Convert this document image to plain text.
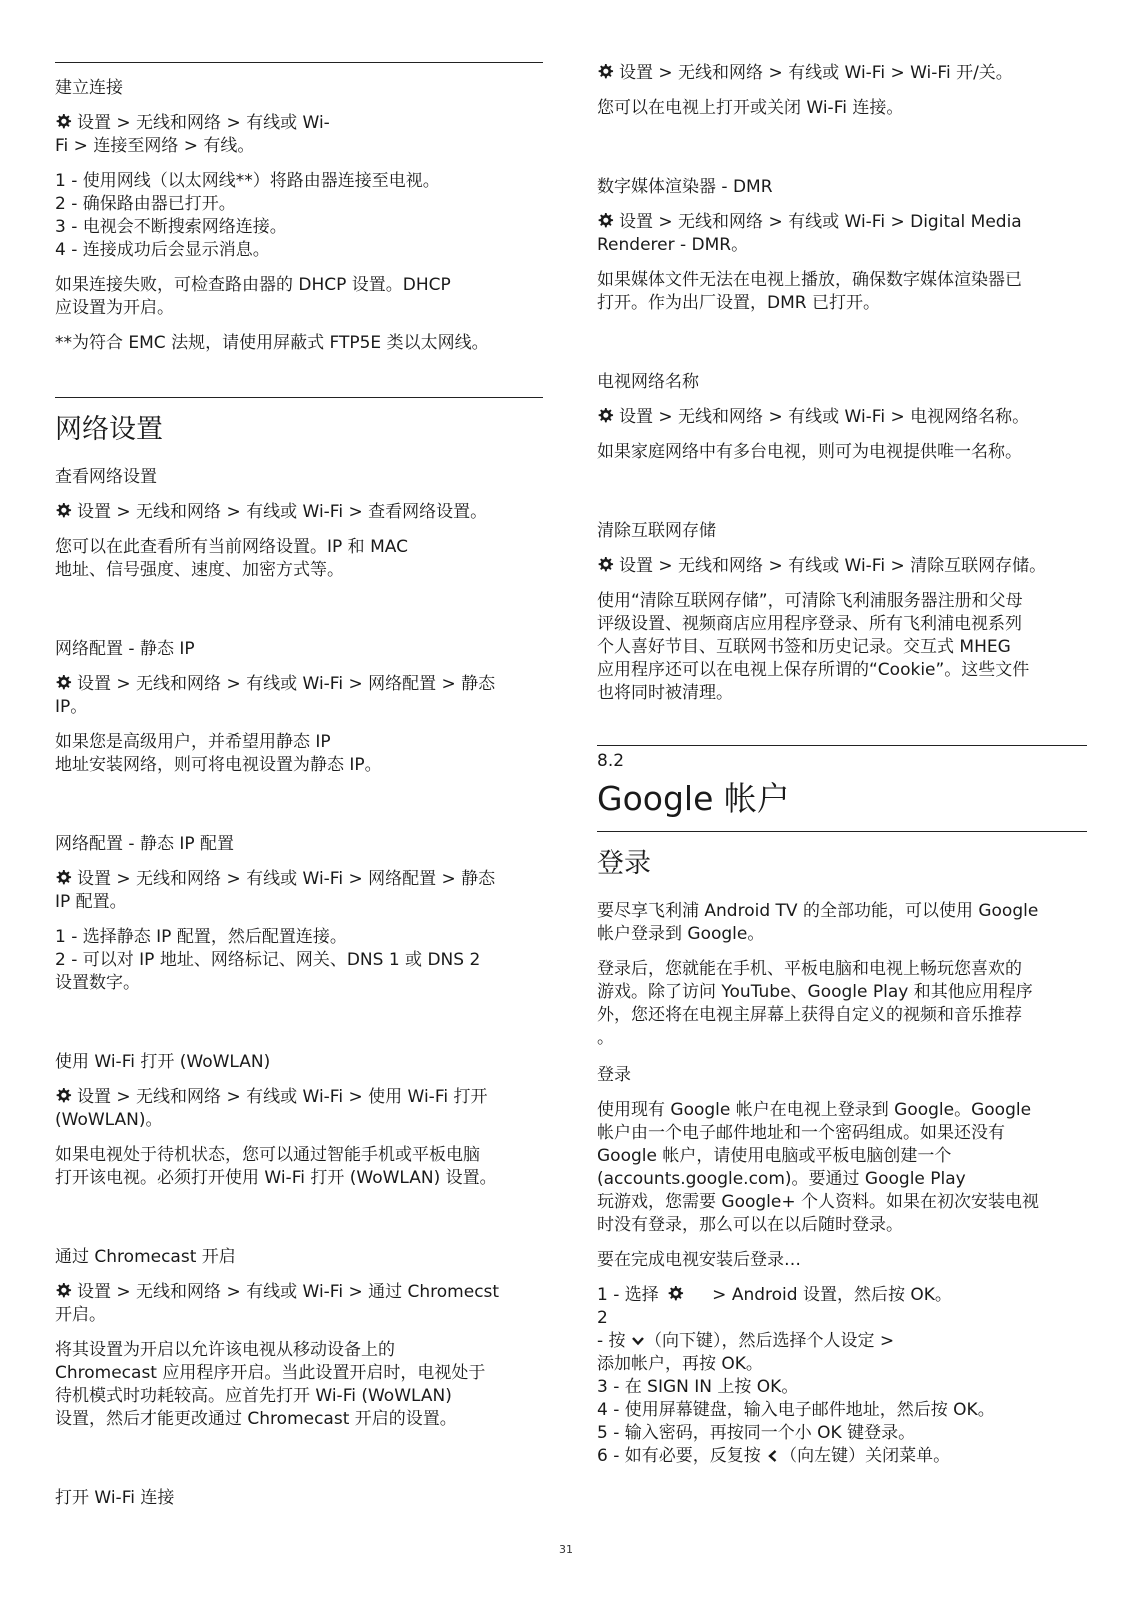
建立连接
设置 > 无线和网络 > 有线或 Wi-
Fi > 连接至网络 > 有线。
1 - 使用网线（以太网线**）将路由器连接至电视。
2 - 确保路由器已打开。
3 - 电视会不断搜索网络连接。
4 - 连接成功后会显示消息。
如果连接失败，可检查路由器的 DHCP 设置。DHCP
应设置为开启。
**为符合 EMC 法规，请使用屏蔽式 FTP5E 类以太网线。
网络设置
查看网络设置
设置 > 无线和网络 > 有线或 Wi-Fi > 查看网络设置。
您可以在此查看所有当前网络设置。IP 和 MAC
地址、信号强度、速度、加密方式等。
网络配置 - 静态 IP
设置 > 无线和网络 > 有线或 Wi-Fi > 网络配置 > 静态
IP。
如果您是高级用户，并希望用静态 IP
地址安装网络，则可将电视设置为静态 IP。
网络配置 - 静态 IP 配置
设置 > 无线和网络 > 有线或 Wi-Fi > 网络配置 > 静态
IP 配置。
1 - 选择静态 IP 配置，然后配置连接。
2 - 可以对 IP 地址、网络标记、网关、DNS 1 或 DNS 2
设置数字。
使用 Wi-Fi 打开 (WoWLAN)
设置 > 无线和网络 > 有线或 Wi-Fi > 使用 Wi-Fi 打开
(WoWLAN)。
如果电视处于待机状态，您可以通过智能手机或平板电脑
打开该电视。必须打开使用 Wi-Fi 打开 (WoWLAN) 设置。
通过 Chromecast 开启
设置 > 无线和网络 > 有线或 Wi-Fi > 通过 Chromecst
开启。
将其设置为开启以允许该电视从移动设备上的
Chromecast 应用程序开启。当此设置开启时，电视处于
待机模式时功耗较高。应首先打开 Wi-Fi (WoWLAN)
设置，然后才能更改通过 Chromecast 开启的设置。
打开 Wi-Fi 连接
设置 > 无线和网络 > 有线或 Wi-Fi > Wi-Fi 开/关。
您可以在电视上打开或关闭 Wi-Fi 连接。
数字媒体渲染器 - DMR
设置 > 无线和网络 > 有线或 Wi-Fi > Digital Media
Renderer - DMR。
如果媒体文件无法在电视上播放，确保数字媒体渲染器已
打开。作为出厂设置，DMR 已打开。
电视网络名称
设置 > 无线和网络 > 有线或 Wi-Fi > 电视网络名称。
如果家庭网络中有多台电视，则可为电视提供唯一名称。
清除互联网存储
设置 > 无线和网络 > 有线或 Wi-Fi > 清除互联网存储。
使用“清除互联网存储”，可清除飞利浦服务器注册和父母
评级设置、视频商店应用程序登录、所有飞利浦电视系列
个人喜好节目、互联网书签和历史记录。交互式 MHEG
应用程序还可以在电视上保存所谓的“Cookie”。这些文件
也将同时被清理。
8.2
Google 帐户
登录
要尽享飞利浦 Android TV 的全部功能，可以使用 Google
帐户登录到 Google。
登录后，您就能在手机、平板电脑和电视上畅玩您喜欢的
游戏。除了访问 YouTube、Google Play 和其他应用程序
外，您还将在电视主屏幕上获得自定义的视频和音乐推荐
。
登录
使用现有 Google 帐户在电视上登录到 Google。Google
帐户由一个电子邮件地址和一个密码组成。如果还没有
Google 帐户，请使用电脑或平板电脑创建一个
(accounts.google.com)。要通过 Google Play
玩游戏，您需要 Google+ 个人资料。如果在初次安装电视
时没有登录，那么可以在以后随时登录。
要在完成电视安装后登录…
1 - 选择	> Android 设置，然后按 OK。
2
- 按 （向下键），然后选择个人设定 >
添加帐户，再按 OK。
3 - 在 SIGN IN 上按 OK。
4 - 使用屏幕键盘，输入电子邮件地址，然后按 OK。
5 - 输入密码，再按同一个小 OK 键登录。
6 - 如有必要，反复按 （向左键）关闭菜单。
31
